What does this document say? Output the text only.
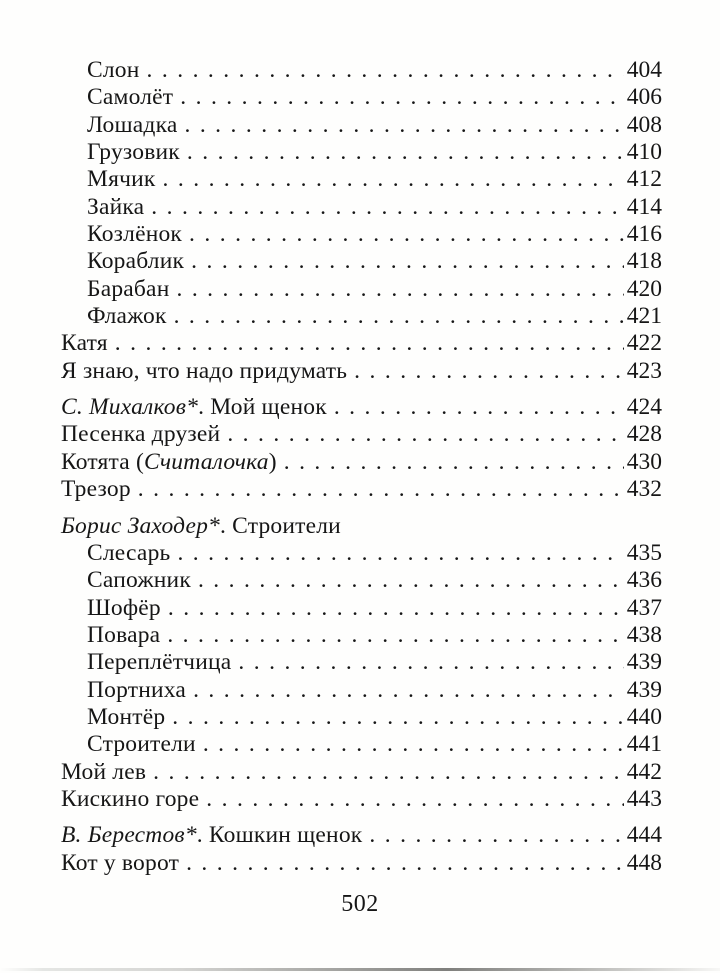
Слон . . .	404
Самолёт . . .	406
Лошадка . . .	408
Грузовик . . .	410
Мячик . . .	412
Зайка . . .	414
Козлёнок . . .	416
Кораблик . . .	418
Барабан . . .	420
Флажок . . .	421
Катя . . .	422
Я знаю, что надо придумать . . .	423
С. Михалков*. Мой щенок . . .	424
Песенка друзей . . .	428
Котята (Считалочка) . . .	430
Трезор . . .	432
Борис Заходер*. Строители
Слесарь . . .	435
Сапожник . . .	436
Шофёр . . .	437
Повара . . .	438
Переплётчица . . .	439
Портниха . . .	439
Монтёр . . .	440
Строители . . .	441
Мой лев . . .	442
Кискино горе . . .	443
В. Берестов*. Кошкин щенок . . .	444
Кот у ворот . . .	448
502
